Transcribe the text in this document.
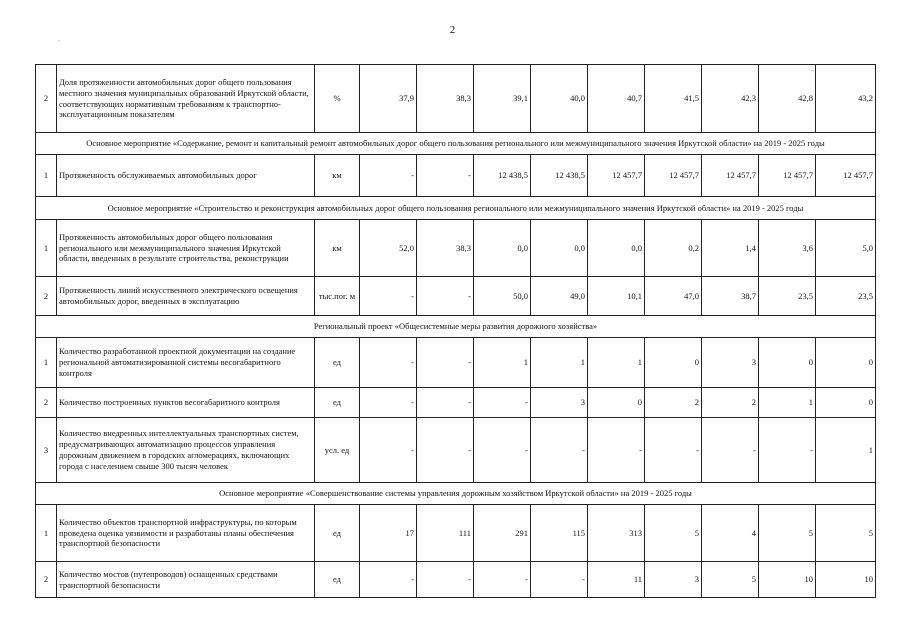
2
-
.
2	Доля протяженности автомобильных дорог общего пользования местного значения муниципальных образований Иркутской области, соответствующих нормативным требованиям к транспортно-эксплуатационным показателям	%	37,9	38,3	39,1	40,0	40,7	41,5	42,3	42,8	43,2
Основное мероприятие «Содержание, ремонт и капитальный ремонт автомобильных дорог общего пользования регионального или межмуниципального значения Иркутской области» на 2019 - 2025 годы											
1	Протяженность обслуживаемых автомобильных дорог	км	-	-	12 438,5	12 438,5	12 457,7	12 457,7	12 457,7	12 457,7	12 457,7
Основное мероприятие «Строительство и реконструкция автомобильных дорог общего пользования регионального или межмуниципального значения Иркутской области» на 2019 - 2025 годы											
1	Протяженность автомобильных дорог общего пользования регионального или межмуниципального значения Иркутской области, введенных в результате строительства, реконструкции	км	52,0	38,3	0,0	0,0	0,0	0,2	1,4	3,6	5,0
2	Протяженность линий искусственного электрического освещения автомобильных дорог, введенных в эксплуатацию	тыс.пог. м	-	-	50,0	49,0	10,1	47,0	38,7	23,5	23,5
Региональный проект «Общесистемные меры развития дорожного хозяйства»											
1	Количество разработанной проектной документации на создание региональной автоматизированной системы весогабаритного контроля	ед	-	-	1	1	1	0	3	0	0
2	Количество построенных пунктов весогабаритного контроля	ед	-	-	-	3	0	2	2	1	0
3	Количество внедренных интеллектуальных транспортных систем, предусматривающих автоматизацию процессов управления дорожным движением в городских агломерациях, включающих города с населением свыше 300 тысяч человек	усл. ед	-	-	-	-	-	-	-	-	1
Основное мероприятие «Совершенствование системы управления дорожным хозяйством Иркутской области» на 2019 - 2025 годы											
1	Количество объектов транспортной инфраструктуры, по которым проведена оценка уязвимости и разработаны планы обеспечения транспортной безопасности	ед	17	111	291	115	313	5	4	5	5
2	Количество мостов (путепроводов) оснащенных средствами транспортной безопасности	ед	-	-	-	-	11	3	5	10	10
